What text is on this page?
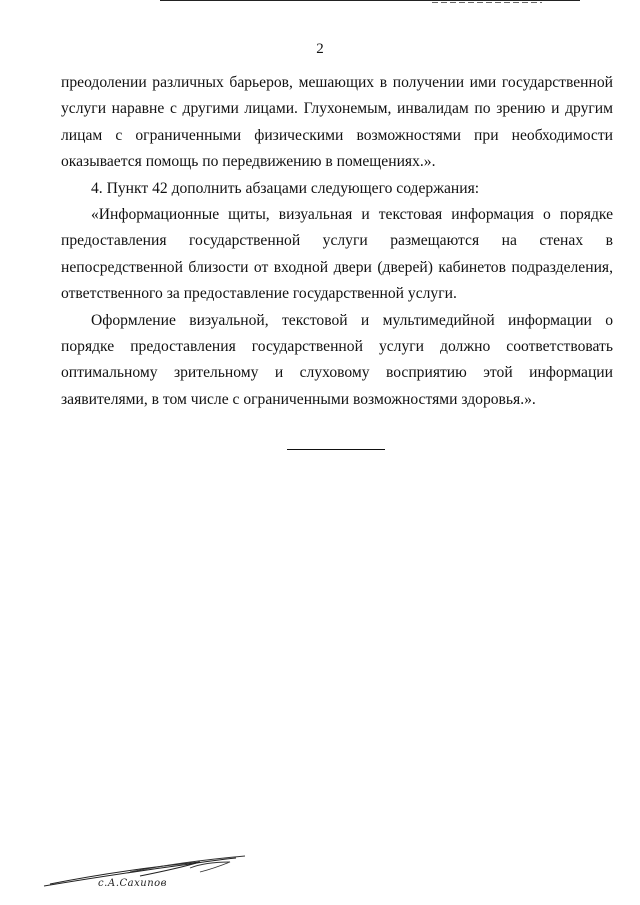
2

преодолении различных барьеров, мешающих в получении ими государственной услуги наравне с другими лицами. Глухонемым, инвалидам по зрению и другим лицам с ограниченными физическими возможностями при необходимости оказывается помощь по передвижению в помещениях.».

4. Пункт 42 дополнить абзацами следующего содержания:

«Информационные щиты, визуальная и текстовая информация о порядке предоставления государственной услуги размещаются на стенах в непосредственной близости от входной двери (дверей) кабинетов подразделения, ответственного за предоставление государственной услуги.

Оформление визуальной, текстовой и мультимедийной информации о порядке предоставления государственной услуги должно соответствовать оптимальному зрительному и слуховому восприятию этой информации заявителями, в том числе с ограниченными возможностями здоровья.».

с.А.Сахипов
